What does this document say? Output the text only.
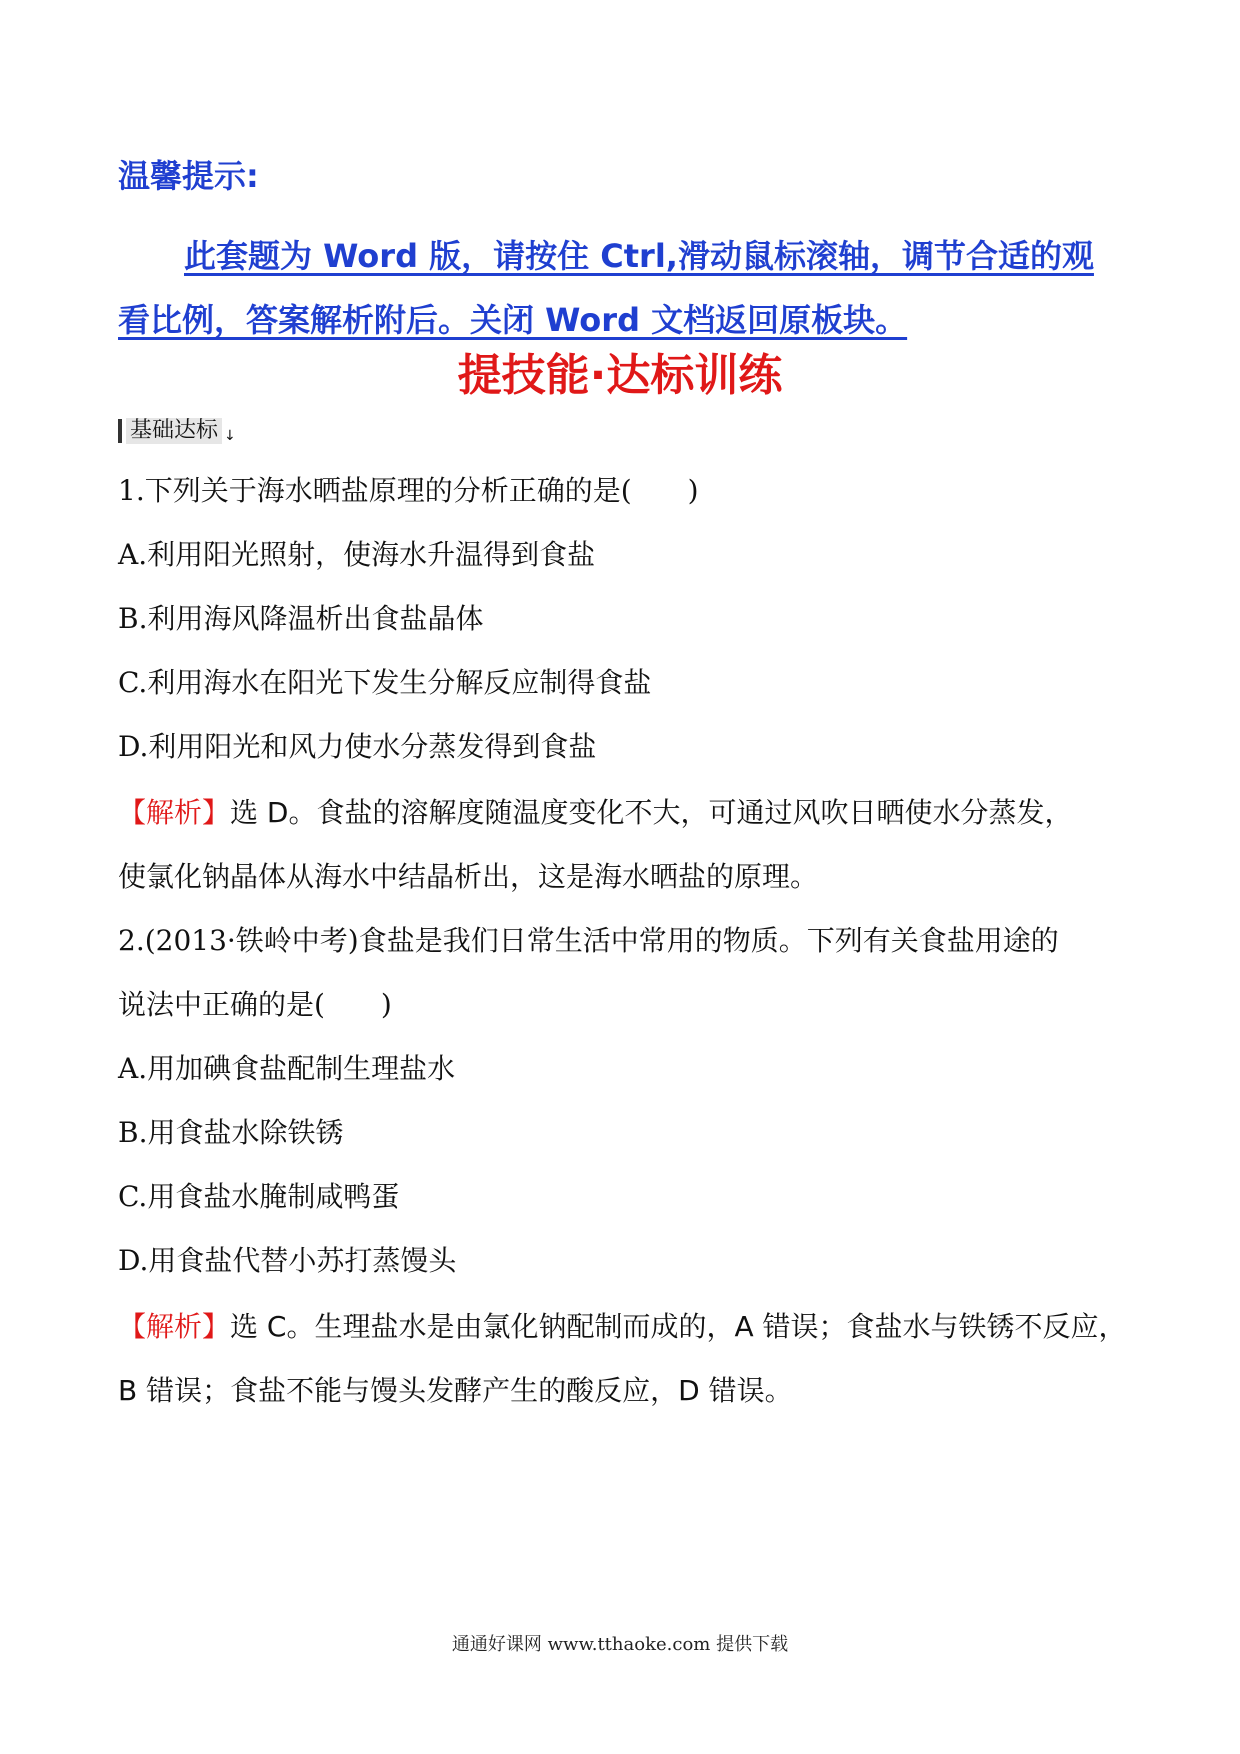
温馨提示:
此套题为 Word 版，请按住 Ctrl,滑动鼠标滚轴，调节合适的观
看比例，答案解析附后。关闭 Word 文档返回原板块。
提技能·达标训练
基础达标 ↓
1.下列关于海水晒盐原理的分析正确的是(　　)
A.利用阳光照射，使海水升温得到食盐
B.利用海风降温析出食盐晶体
C.利用海水在阳光下发生分解反应制得食盐
D.利用阳光和风力使水分蒸发得到食盐
【解析】选 D。食盐的溶解度随温度变化不大，可通过风吹日晒使水分蒸发，
使氯化钠晶体从海水中结晶析出，这是海水晒盐的原理。
2.(2013·铁岭中考)食盐是我们日常生活中常用的物质。下列有关食盐用途的
说法中正确的是(　　)
A.用加碘食盐配制生理盐水
B.用食盐水除铁锈
C.用食盐水腌制咸鸭蛋
D.用食盐代替小苏打蒸馒头
【解析】选 C。生理盐水是由氯化钠配制而成的，A 错误；食盐水与铁锈不反应，
B 错误；食盐不能与馒头发酵产生的酸反应，D 错误。
通通好课网 www.tthaoke.com 提供下载
